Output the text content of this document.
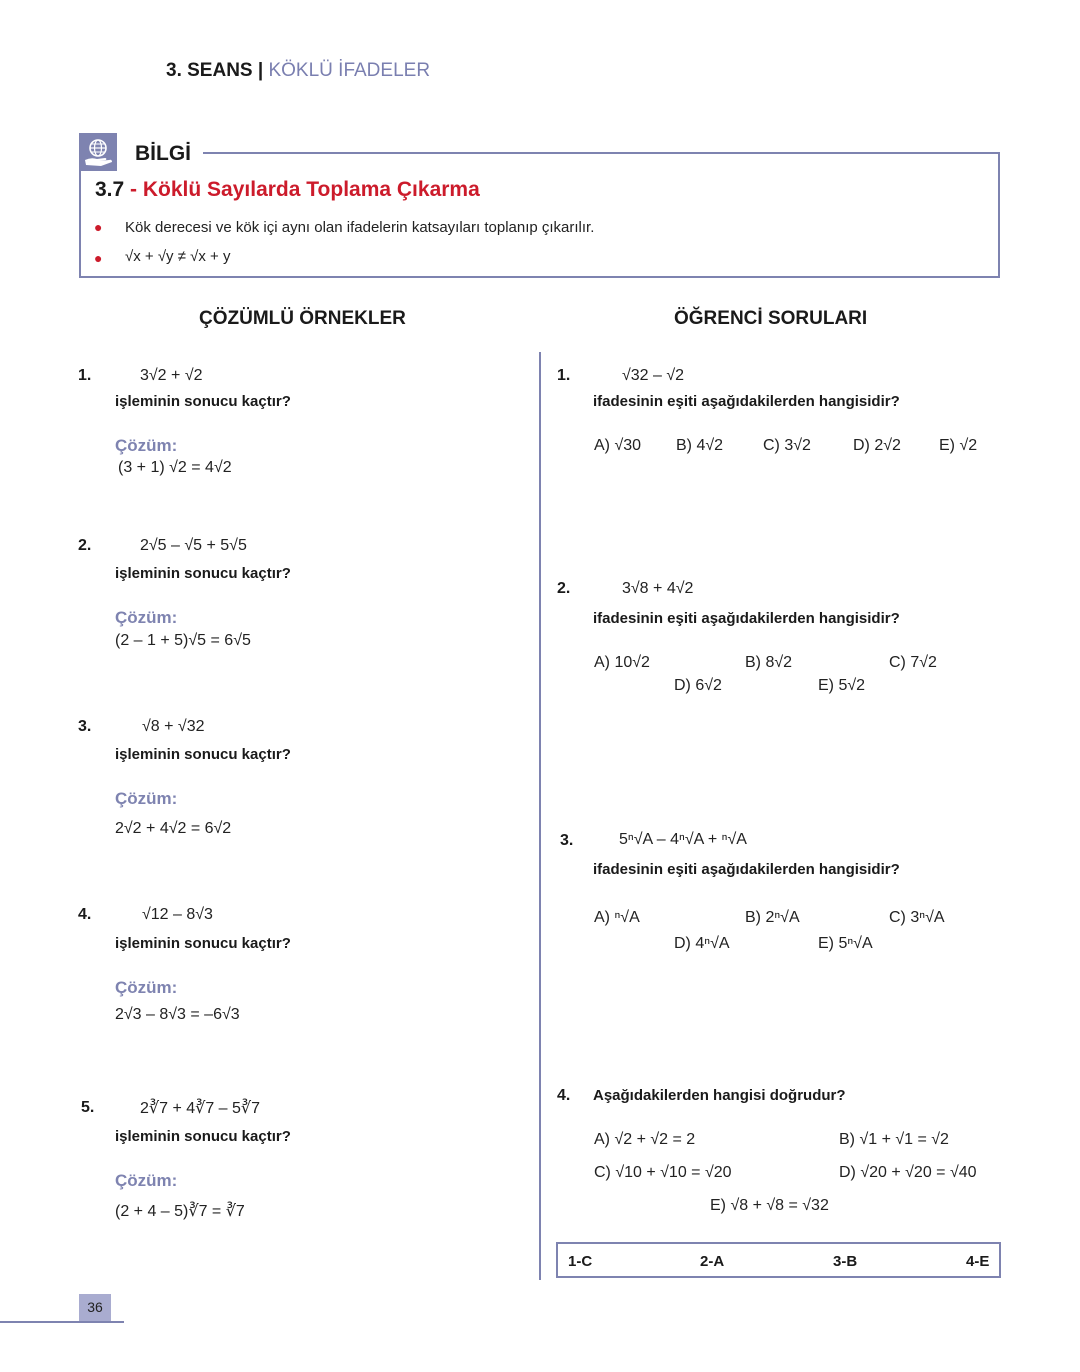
3. SEANS | KÖKLÜ İFADELER
BİLGİ
3.7 - Köklü Sayılarda Toplama Çıkarma
● Kök derecesi ve kök içi aynı olan ifadelerin katsayıları toplanıp çıkarılır.
● √x + √y ≠ √x + y
ÇÖZÜMLÜ ÖRNEKLER	ÖĞRENCİ SORULARI
1.	3√2 + √2
işleminin sonucu kaçtır?
Çözüm:
(3 + 1) √2 = 4√2
2.	2√5 – √5 + 5√5
işleminin sonucu kaçtır?
Çözüm:
(2 – 1 + 5)√5 = 6√5
3.	√8 + √32
işleminin sonucu kaçtır?
Çözüm:
2√2 + 4√2 = 6√2
4.	√12 – 8√3
işleminin sonucu kaçtır?
Çözüm:
2√3 – 8√3 = –6√3
5.	2∛7 + 4∛7 – 5∛7
işleminin sonucu kaçtır?
Çözüm:
(2 + 4 – 5)∛7 = ∛7
1.	√32 – √2
ifadesinin eşiti aşağıdakilerden hangisidir?
A) √30 B) 4√2 C) 3√2	D) 2√2 E) √2
2.	3√8 + 4√2
ifadesinin eşiti aşağıdakilerden hangisidir?
A) 10√2	B) 8√2	C) 7√2
D) 6√2	E) 5√2
3.	5ⁿ√A – 4ⁿ√A + ⁿ√A
ifadesinin eşiti aşağıdakilerden hangisidir?
A) ⁿ√A	B) 2ⁿ√A	C) 3ⁿ√A
D) 4ⁿ√A	E) 5ⁿ√A
4. Aşağıdakilerden hangisi doğrudur?
A) √2 + √2 = 2	B) √1 + √1 = √2
C) √10 + √10 = √20	D) √20 + √20 = √40
E) √8 + √8 = √32
1-C	2-A	3-B	4-E
36
